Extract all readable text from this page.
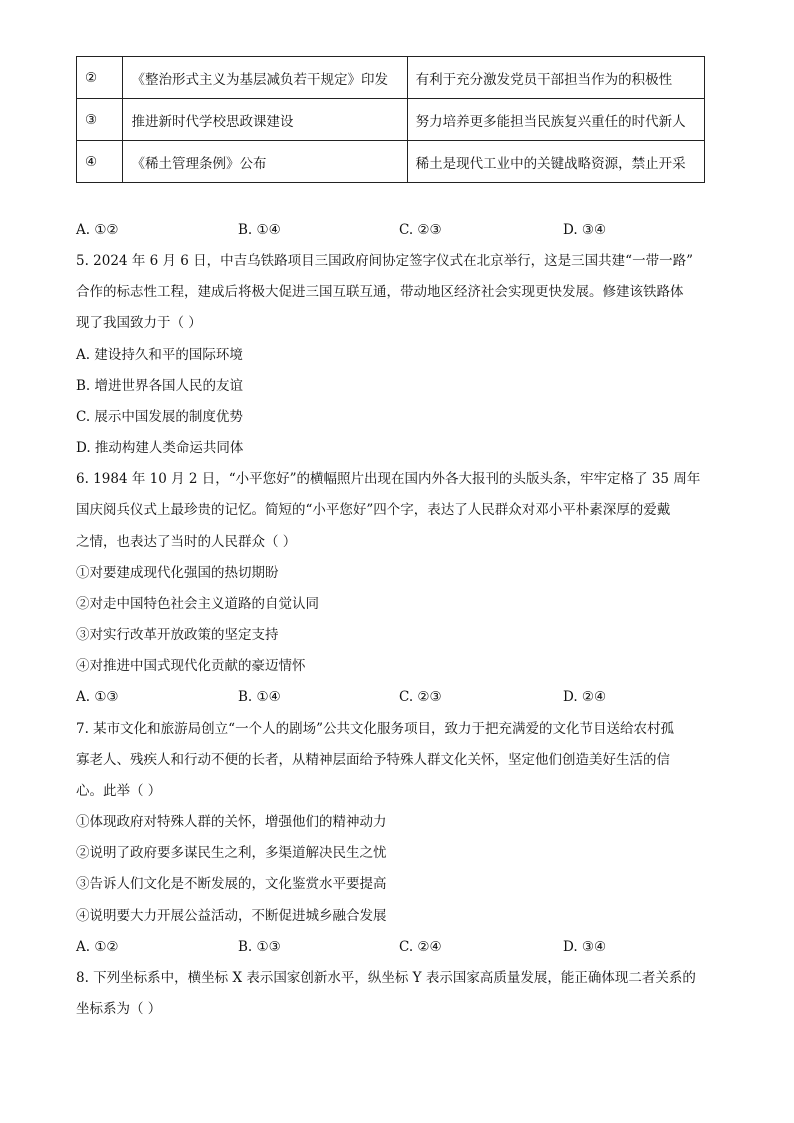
②	《整治形式主义为基层减负若干规定》印发	有利于充分激发党员干部担当作为的积极性
③	推进新时代学校思政课建设	努力培养更多能担当民族复兴重任的时代新人
④	《稀土管理条例》公布	稀土是现代工业中的关键战略资源，禁止开采
A. ①②	B. ①④	C. ②③	D. ③④
5. 2024 年 6 月 6 日，中吉乌铁路项目三国政府间协定签字仪式在北京举行，这是三国共建“一带一路”
合作的标志性工程，建成后将极大促进三国互联互通，带动地区经济社会实现更快发展。修建该铁路体
现了我国致力于（ ）
A. 建设持久和平的国际环境
B. 增进世界各国人民的友谊
C. 展示中国发展的制度优势
D. 推动构建人类命运共同体
6. 1984 年 10 月 2 日，“小平您好”的横幅照片出现在国内外各大报刊的头版头条，牢牢定格了 35 周年
国庆阅兵仪式上最珍贵的记忆。简短的“小平您好”四个字，表达了人民群众对邓小平朴素深厚的爱戴
之情，也表达了当时的人民群众（ ）
①对要建成现代化强国的热切期盼
②对走中国特色社会主义道路的自觉认同
③对实行改革开放政策的坚定支持
④对推进中国式现代化贡献的豪迈情怀
A. ①③	B. ①④	C. ②③	D. ②④
7. 某市文化和旅游局创立“一个人的剧场”公共文化服务项目，致力于把充满爱的文化节目送给农村孤
寡老人、残疾人和行动不便的长者，从精神层面给予特殊人群文化关怀，坚定他们创造美好生活的信
心。此举（ ）
①体现政府对特殊人群的关怀，增强他们的精神动力
②说明了政府要多谋民生之利，多渠道解决民生之忧
③告诉人们文化是不断发展的，文化鉴赏水平要提高
④说明要大力开展公益活动，不断促进城乡融合发展
A. ①②	B. ①③	C. ②④	D. ③④
8. 下列坐标系中，横坐标 X 表示国家创新水平，纵坐标 Y 表示国家高质量发展，能正确体现二者关系的
坐标系为（ ）
